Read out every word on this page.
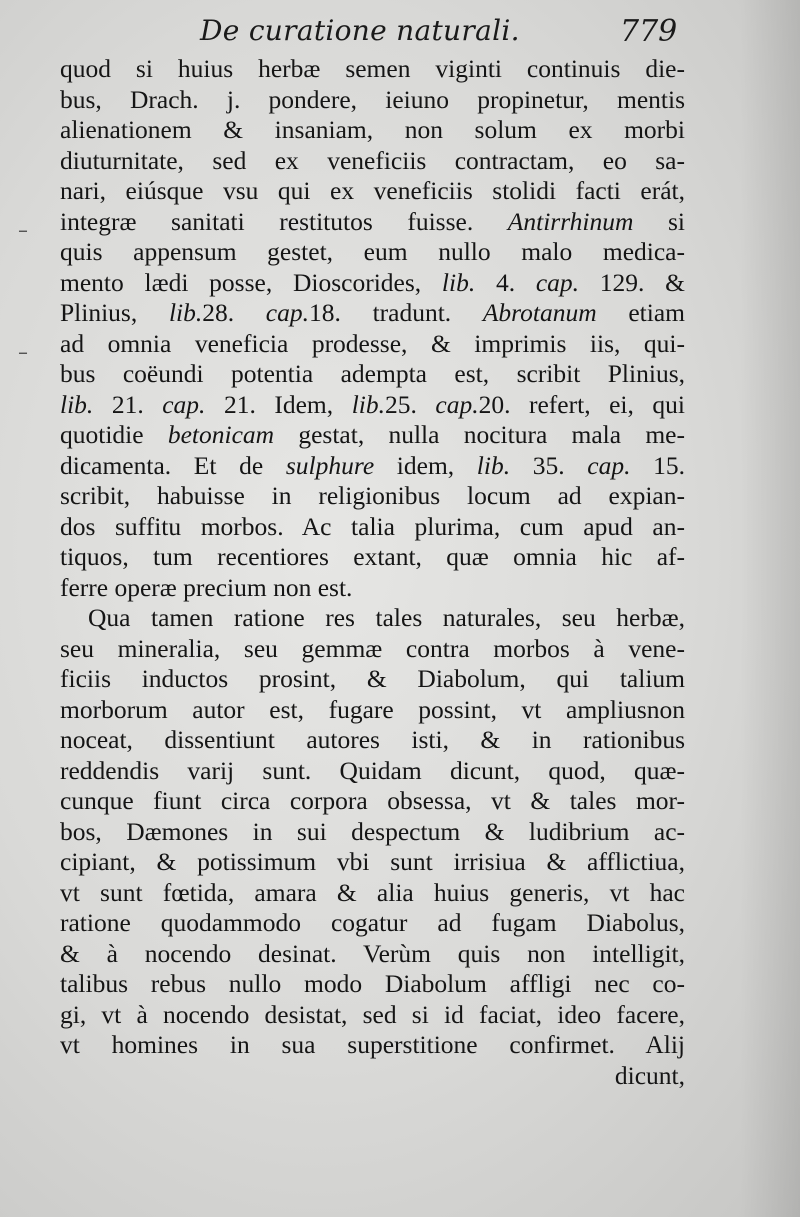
De curatione naturali.	779
–
–
quod si huius herbæ semen viginti continuis die-
bus, Drach. j. pondere, ieiuno propinetur, mentis
alienationem & insaniam, non solum ex morbi
diuturnitate, sed ex veneficiis contractam, eo sa-
nari, eiúsque vsu qui ex veneficiis stolidi facti erát,
integræ sanitati restitutos fuisse. Antirrhinum si
quis appensum gestet, eum nullo malo medica-
mento lædi posse, Dioscorides, lib. 4. cap. 129. &
Plinius, lib.28. cap.18. tradunt. Abrotanum etiam
ad omnia veneficia prodesse, & imprimis iis, qui-
bus coëundi potentia adempta est, scribit Plinius,
lib. 21. cap. 21. Idem, lib.25. cap.20. refert, ei, qui
quotidie betonicam gestat, nulla nocitura mala me-
dicamenta. Et de sulphure idem, lib. 35. cap. 15.
scribit, habuisse in religionibus locum ad expian-
dos suffitu morbos. Ac talia plurima, cum apud an-
tiquos, tum recentiores extant, quæ omnia hic af-
ferre operæ precium non est.
Qua tamen ratione res tales naturales, seu herbæ,
seu mineralia, seu gemmæ contra morbos à vene-
ficiis inductos prosint, & Diabolum, qui talium
morborum autor est, fugare possint, vt ampliusnon
noceat, dissentiunt autores isti, & in rationibus
reddendis varij sunt. Quidam dicunt, quod, quæ-
cunque fiunt circa corpora obsessa, vt & tales mor-
bos, Dæmones in sui despectum & ludibrium ac-
cipiant, & potissimum vbi sunt irrisiua & afflictiua,
vt sunt fœtida, amara & alia huius generis, vt hac
ratione quodammodo cogatur ad fugam Diabolus,
& à nocendo desinat. Verùm quis non intelligit,
talibus rebus nullo modo Diabolum affligi nec co-
gi, vt à nocendo desistat, sed si id faciat, ideo facere,
vt homines in sua superstitione confirmet. Alij
dicunt,
